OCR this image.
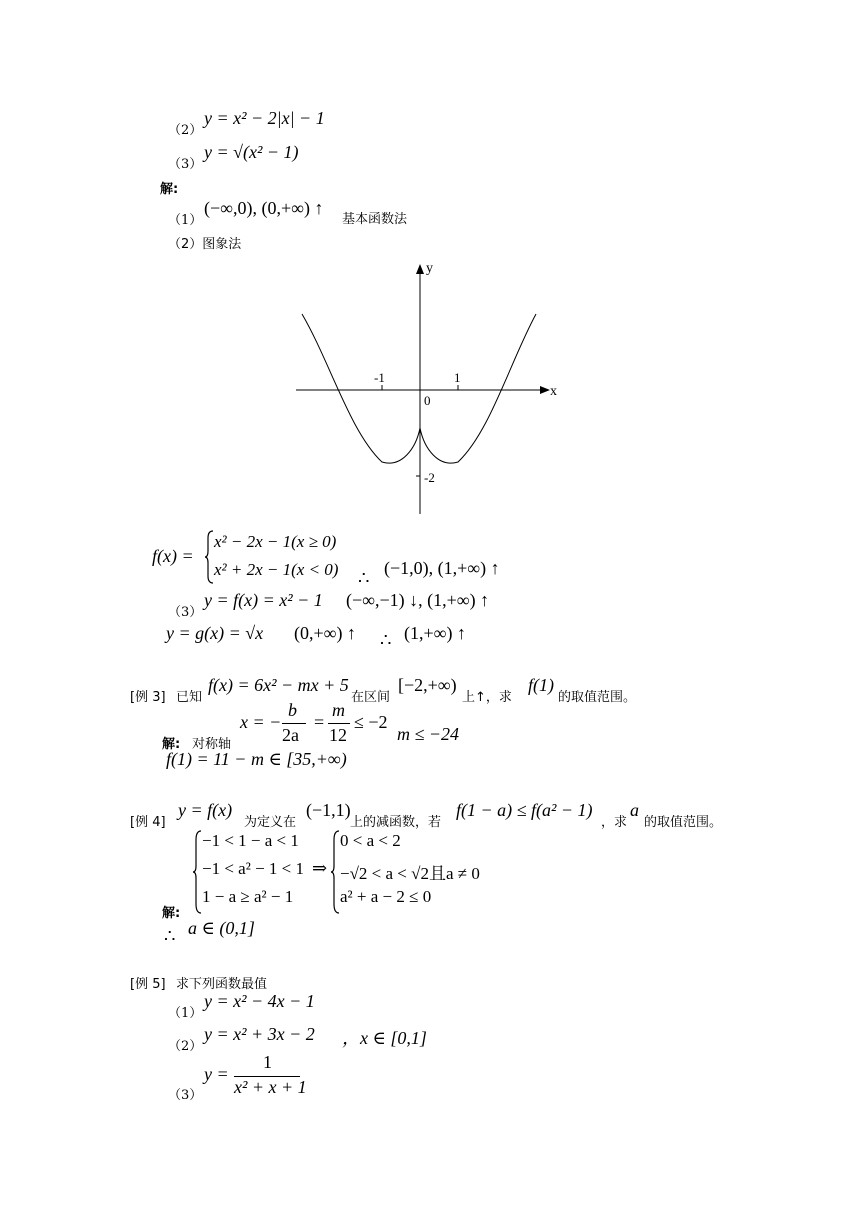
（2）
y = x² − 2|x| − 1
（3）
y = √(x² − 1)
解:
（1）
(−∞,0), (0,+∞) ↑
基本函数法
（2）图象法
y
x
-1	1
0
-2
f(x) =
x² − 2x − 1(x ≥ 0)
x² + 2x − 1(x < 0) ∴ (−1,0), (1,+∞) ↑
（3）
y = f(x) = x² − 1 (−∞,−1) ↓, (1,+∞) ↑
y = g(x) = √x (0,+∞) ↑ ∴ (1,+∞) ↑
[例 3] 已知
f(x) = 6x² − mx + 5
在区间
[−2,+∞)
上↑，求
f(1)
的取值范围。
解: 对称轴
x = −
b
2a
=
m
12
≤ −2
m ≤ −24
f(1) = 11 − m ∈ [35,+∞)
[例 4]
y = f(x)
为定义在
(−1,1)
上的减函数，若
f(1 − a) ≤ f(a² − 1)
，求
a
的取值范围。
−1 < 1 − a < 1
−1 < a² − 1 < 1
1 − a ≥ a² − 1
⇒
0 < a < 2
−√2 < a < √2且a ≠ 0
a² + a − 2 ≤ 0
解:
∴ a ∈ (0,1]
[例 5] 求下列函数最值
（1）
y = x² − 4x − 1
（2）
y = x² + 3x − 2 ，x ∈ [0,1]
（3）
y =
1
x² + x + 1
